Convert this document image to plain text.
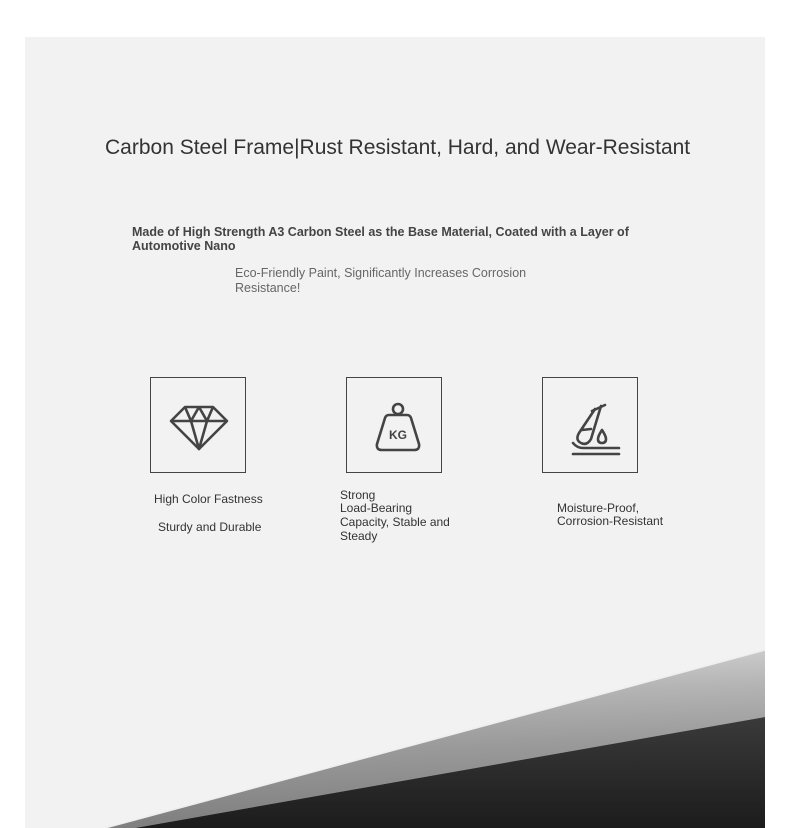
Carbon Steel Frame|Rust Resistant, Hard, and Wear-Resistant
Made of High Strength A3 Carbon Steel as the Base Material, Coated with a Layer of Automotive Nano
Eco-Friendly Paint, Significantly Increases Corrosion Resistance!
High Color Fastness
Sturdy and Durable
KG
Strong
Load-Bearing Capacity, Stable and Steady
Moisture-Proof,
Corrosion-Resistant
